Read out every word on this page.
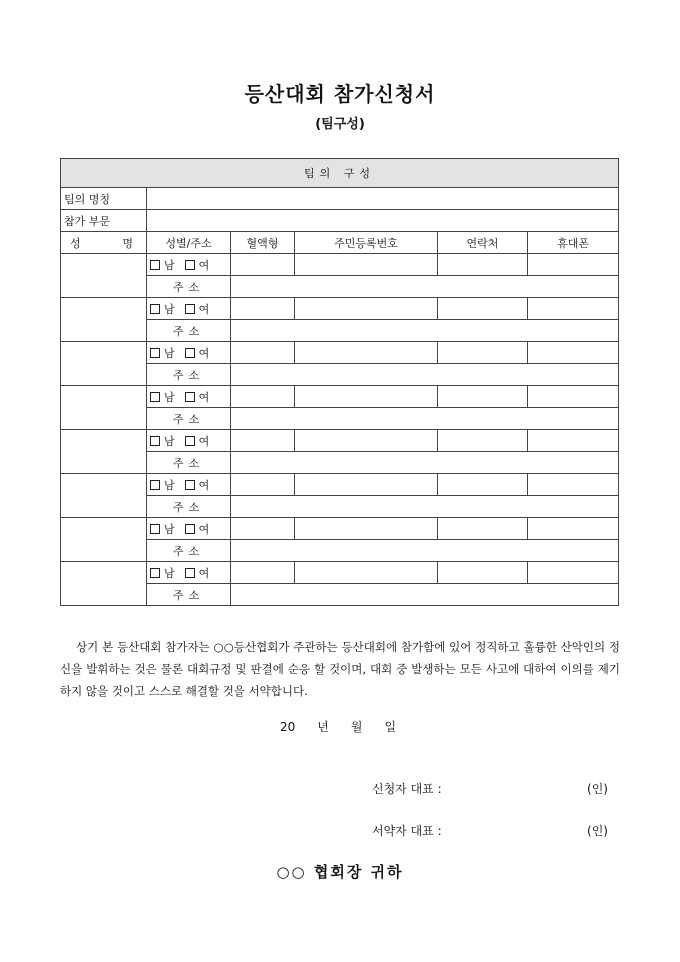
등산대회 참가신청서
(팀구성)
팀의 구성					
팀의 명칭					
참가 부문					

성 명	성별/주소	혈액형	주민등록번호	연락처	휴대폰
	남 여				
	주소				
	남 여				
	주소				
	남 여				
	주소				
	남 여				
	주소				
	남 여				
	주소				
	남 여				
	주소				
	남 여				
	주소				
	남 여				
	주소				
상기 본 등산대회 참가자는 ○○등산협회가 주관하는 등산대회에 참가함에 있어 정직하고 훌륭한 산악인의 정신을 발휘하는 것은 물론 대회규정 및 판결에 순응 할 것이며, 대회 중 발생하는 모든 사고에 대하여 이의를 제기하지 않을 것이고 스스로 해결할 것을 서약합니다.
20 년 월 일
신청자 대표 :	(인)
서약자 대표 :	(인)
○○ 협회장 귀하
